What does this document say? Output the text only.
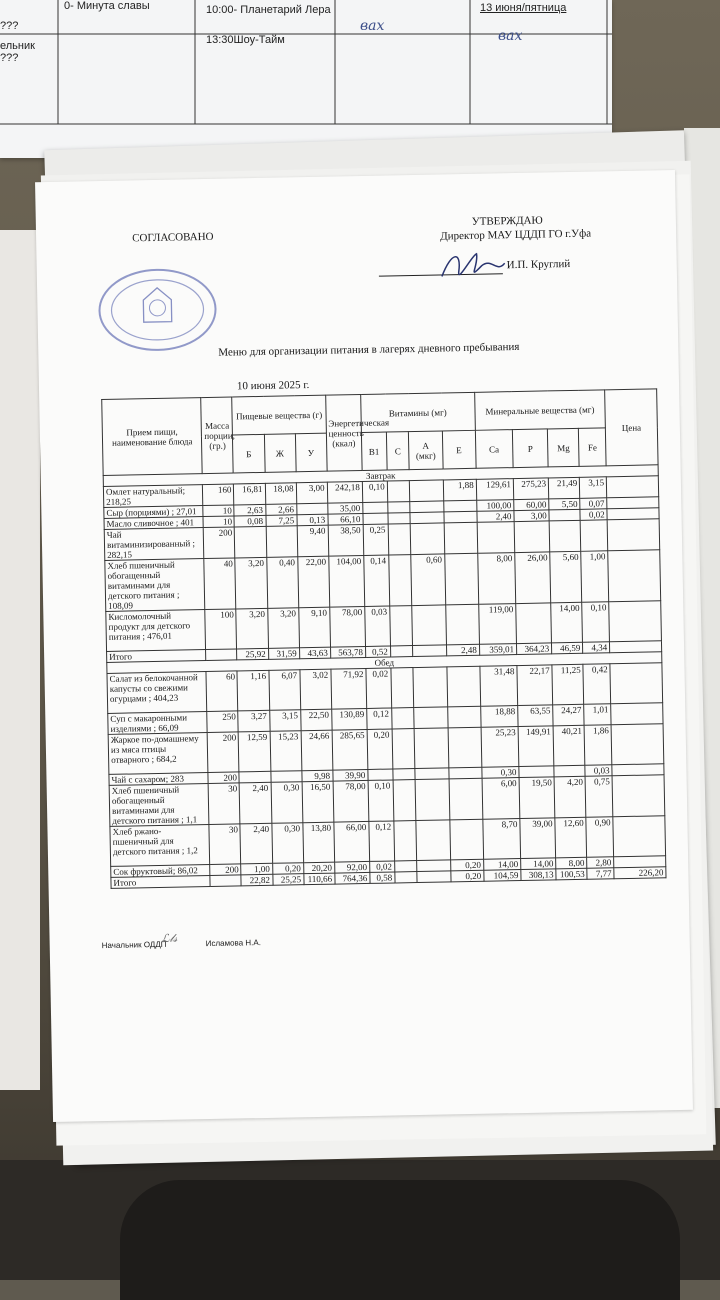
0- Минута славы	10:00- Планетарий Лера
13:30Шоу-Тайм
13 июня/пятница
вах
вах
???
ельник
???
СОГЛАСОВАНО
УТВЕРЖДАЮ
Директор МАУ ЦДДП ГО г.Уфа
И.П. Круглий
Меню для организации питания в лагерях дневного пребывания
10 июня 2025 г.
Прием пищи, наименование блюда	Масса порции, (гр.)	Пищевые вещества (г)			Энергетическая ценность (ккал)	Витамины (мг)				Минеральные вещества (мг)				Цена
		Б	Ж	У		В1	С	А (мкг)	Е	Са	Р	Mg	Fe	
Завтрак														
Омлет натуральный; 218,25	160	16,81	18,08	3,00	242,18	0,10			1,88	129,61	275,23	21,49	3,15	
Сыр (порциями) ; 27,01	10	2,63	2,66		35,00					100,00	60,00	5,50	0,07	
Масло сливочное ; 401	10	0,08	7,25	0,13	66,10					2,40	3,00		0,02	
Чай витаминизированный ; 282,15	200			9,40	38,50	0,25								
Хлеб пшеничный обогащенный витаминами для детского питания ; 108,09	40	3,20	0,40	22,00	104,00	0,14		0,60		8,00	26,00	5,60	1,00	
Кисломолочный продукт для детского питания ; 476,01	100	3,20	3,20	9,10	78,00	0,03				119,00		14,00	0,10	
Итого		25,92	31,59	43,63	563,78	0,52			2,48	359,01	364,23	46,59	4,34	
Обед														
Салат из белокочанной капусты со свежими огурцами ; 404,23	60	1,16	6,07	3,02	71,92	0,02				31,48	22,17	11,25	0,42	
Суп с макаронными изделиями ; 66,09	250	3,27	3,15	22,50	130,89	0,12				18,88	63,55	24,27	1,01	
Жаркое по-домашнему из мяса птицы отварного ; 684,2	200	12,59	15,23	24,66	285,65	0,20				25,23	149,91	40,21	1,86	
Чай с сахаром; 283	200			9,98	39,90					0,30			0,03	
Хлеб пшеничный обогащенный витаминами для детского питания ; 1,1	30	2,40	0,30	16,50	78,00	0,10				6,00	19,50	4,20	0,75	
Хлеб ржано-пшеничный для детского питания ; 1,2	30	2,40	0,30	13,80	66,00	0,12				8,70	39,00	12,60	0,90	
Сок фруктовый; 86,02	200	1,00	0,20	20,20	92,00	0,02			0,20	14,00	14,00	8,00	2,80	
Итого		22,82	25,25	110,66	764,36	0,58			0,20	104,59	308,13	100,53	7,77	226,20
Начальник ОДДП
ℒ𝓁𝓈	Исламова Н.А.
